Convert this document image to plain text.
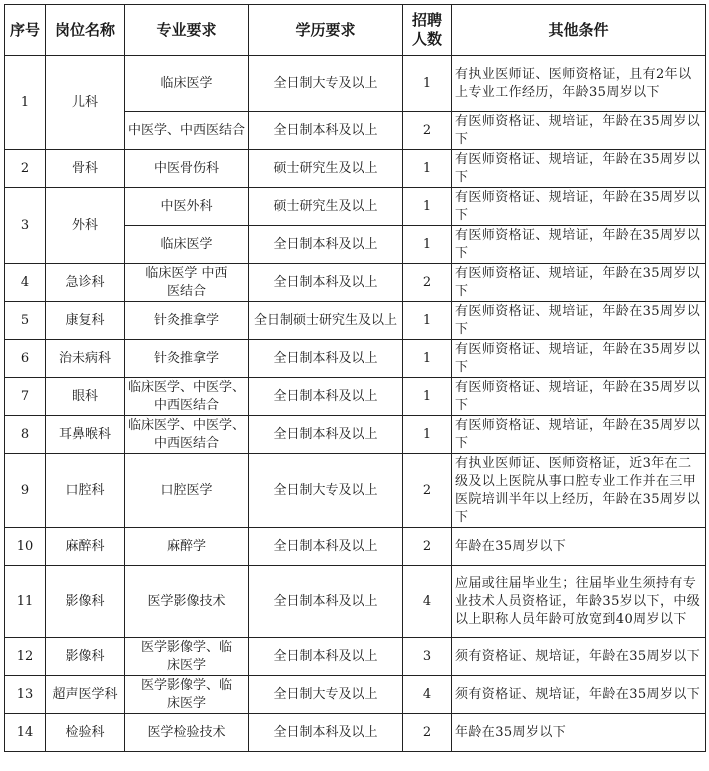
序号	岗位名称	专业要求	学历要求	招聘人数	其他条件
1	儿科	临床医学	全日制大专及以上	1	有执业医师证、医师资格证，且有2年以上专业工作经历，年龄35周岁以下
		中医学、中西医结合	全日制本科及以上	2	有医师资格证、规培证，年龄在35周岁以下
2	骨科	中医骨伤科	硕士研究生及以上	1	有医师资格证、规培证，年龄在35周岁以下
3	外科	中医外科	硕士研究生及以上	1	有医师资格证、规培证，年龄在35周岁以下
		临床医学	全日制本科及以上	1	有医师资格证、规培证，年龄在35周岁以下
4	急诊科	临床医学 中西医结合	全日制本科及以上	2	有医师资格证、规培证，年龄在35周岁以下
5	康复科	针灸推拿学	全日制硕士研究生及以上	1	有医师资格证、规培证，年龄在35周岁以下
6	治未病科	针灸推拿学	全日制本科及以上	1	有医师资格证、规培证，年龄在35周岁以下
7	眼科	临床医学、中医学、中西医结合	全日制本科及以上	1	有医师资格证、规培证，年龄在35周岁以下
8	耳鼻喉科	临床医学、中医学、中西医结合	全日制本科及以上	1	有医师资格证、规培证，年龄在35周岁以下
9	口腔科	口腔医学	全日制大专及以上	2	有执业医师证、医师资格证，近3年在二级及以上医院从事口腔专业工作并在三甲医院培训半年以上经历，年龄在35周岁以下
10	麻醉科	麻醉学	全日制本科及以上	2	年龄在35周岁以下
11	影像科	医学影像技术	全日制本科及以上	4	应届或往届毕业生；往届毕业生须持有专业技术人员资格证，年龄35岁以下，中级以上职称人员年龄可放宽到40周岁以下
12	影像科	医学影像学、临床医学	全日制本科及以上	3	须有资格证、规培证，年龄在35周岁以下
13	超声医学科	医学影像学、临床医学	全日制大专及以上	4	须有资格证、规培证，年龄在35周岁以下
14	检验科	医学检验技术	全日制本科及以上	2	年龄在35周岁以下
